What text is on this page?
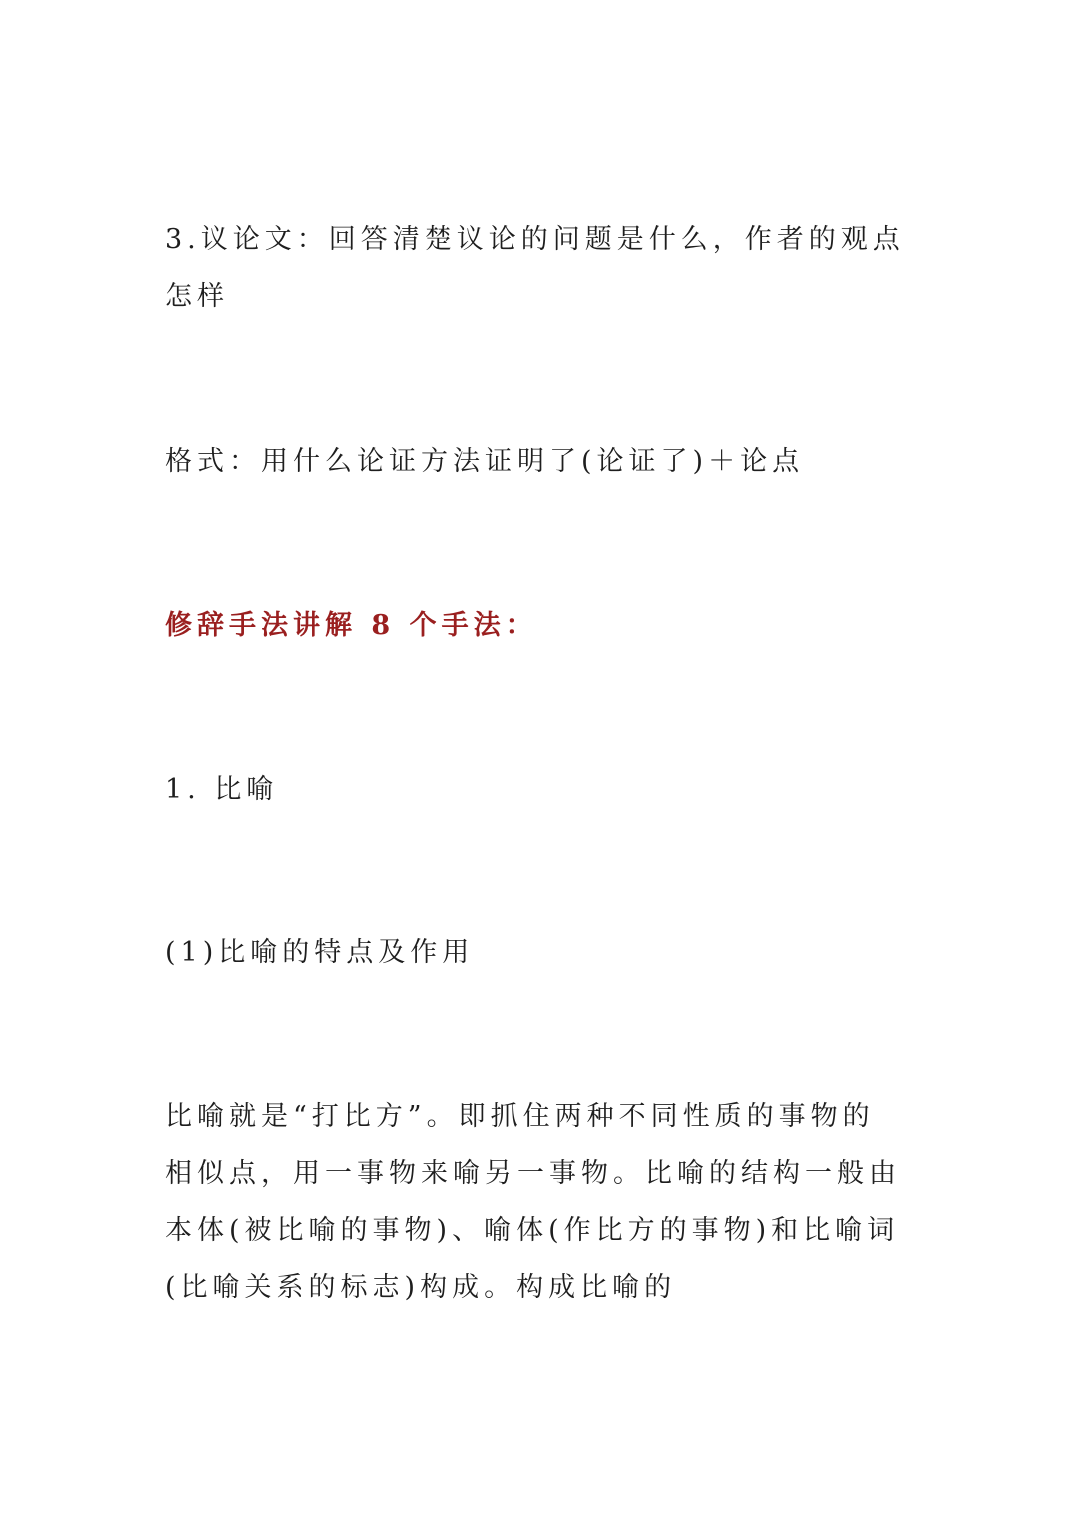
3.议论文：回答清楚议论的问题是什么，作者的观点
怎样
格式：用什么论证方法证明了(论证了)＋论点
修辞手法讲解 8 个手法：
1. 比喻
(1)比喻的特点及作用
比喻就是“打比方”。即抓住两种不同性质的事物的
相似点，用一事物来喻另一事物。比喻的结构一般由
本体(被比喻的事物)、喻体(作比方的事物)和比喻词
(比喻关系的标志)构成。构成比喻的
